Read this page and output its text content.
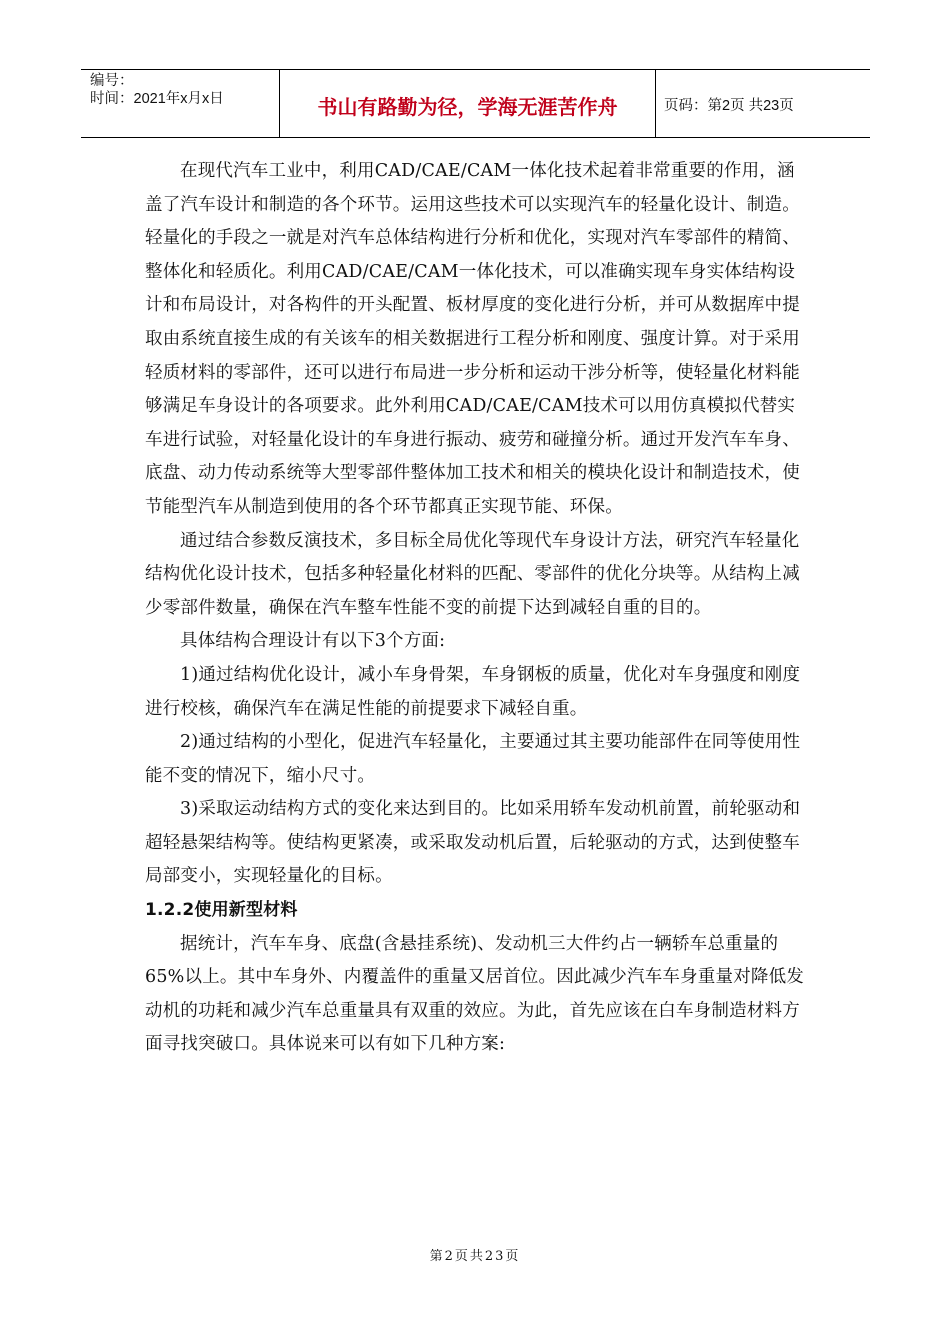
编号：
时间：2021年x月x日	书山有路勤为径，学海无涯苦作舟	页码：第2页 共23页

在现代汽车工业中，利用CAD/CAE/CAM一体化技术起着非常重要的作用，涵盖了汽车设计和制造的各个环节。运用这些技术可以实现汽车的轻量化设计、制造。轻量化的手段之一就是对汽车总体结构进行分析和优化，实现对汽车零部件的精简、整体化和轻质化。利用CAD/CAE/CAM一体化技术，可以准确实现车身实体结构设计和布局设计，对各构件的开头配置、板材厚度的变化进行分析，并可从数据库中提取由系统直接生成的有关该车的相关数据进行工程分析和刚度、强度计算。对于采用轻质材料的零部件，还可以进行布局进一步分析和运动干涉分析等，使轻量化材料能够满足车身设计的各项要求。此外利用CAD/CAE/CAM技术可以用仿真模拟代替实车进行试验，对轻量化设计的车身进行振动、疲劳和碰撞分析。通过开发汽车车身、底盘、动力传动系统等大型零部件整体加工技术和相关的模块化设计和制造技术，使节能型汽车从制造到使用的各个环节都真正实现节能、环保。

通过结合参数反演技术，多目标全局优化等现代车身设计方法，研究汽车轻量化结构优化设计技术，包括多种轻量化材料的匹配、零部件的优化分块等。从结构上减少零部件数量，确保在汽车整车性能不变的前提下达到减轻自重的目的。

具体结构合理设计有以下3个方面:

1)通过结构优化设计，减小车身骨架，车身钢板的质量，优化对车身强度和刚度进行校核，确保汽车在满足性能的前提要求下减轻自重。

2)通过结构的小型化，促进汽车轻量化，主要通过其主要功能部件在同等使用性能不变的情况下，缩小尺寸。

3)采取运动结构方式的变化来达到目的。比如采用轿车发动机前置，前轮驱动和超轻悬架结构等。使结构更紧凑，或采取发动机后置，后轮驱动的方式，达到使整车局部变小，实现轻量化的目标。

1.2.2使用新型材料

据统计，汽车车身、底盘(含悬挂系统)、发动机三大件约占一辆轿车总重量的65%以上。其中车身外、内覆盖件的重量又居首位。因此减少汽车车身重量对降低发动机的功耗和减少汽车总重量具有双重的效应。为此，首先应该在白车身制造材料方面寻找突破口。具体说来可以有如下几种方案:

第2页共23页
